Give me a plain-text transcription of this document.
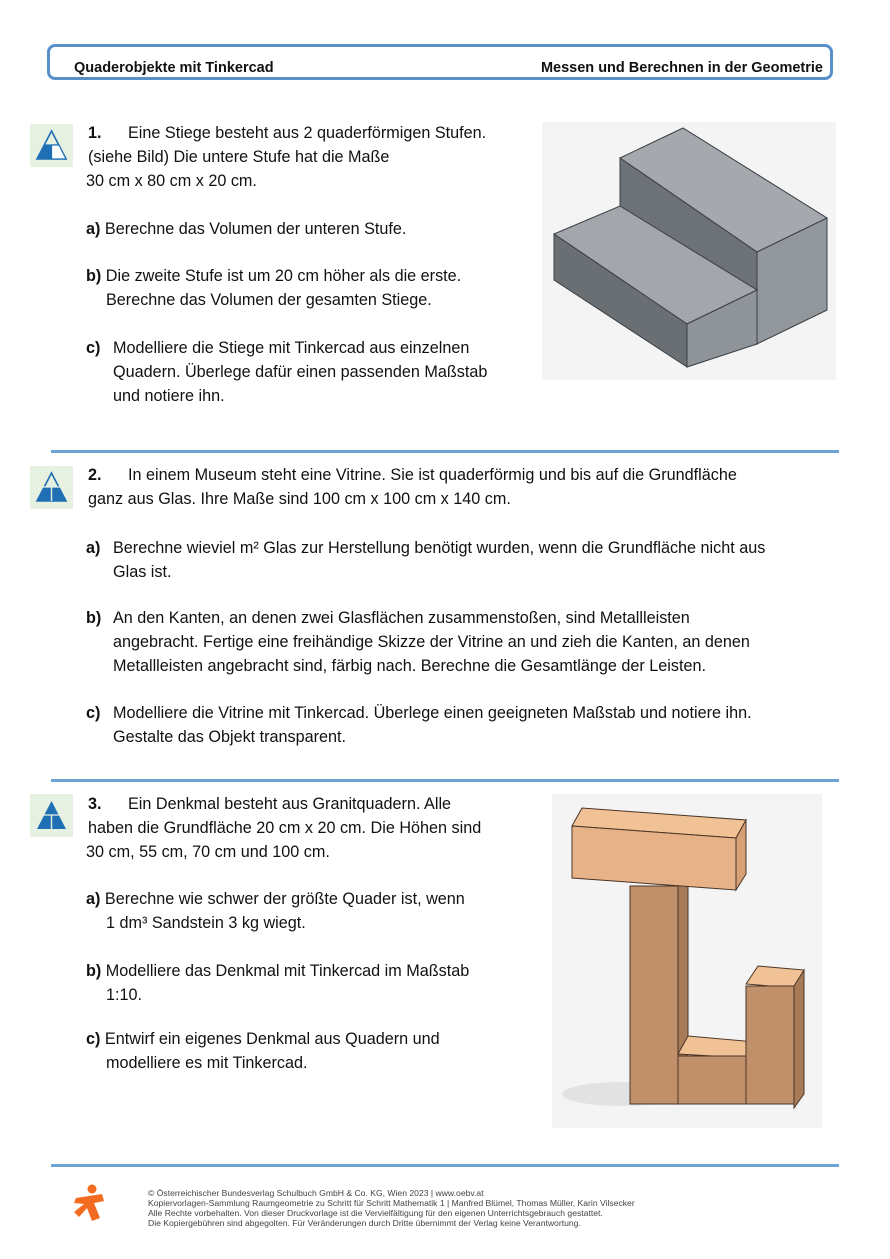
Quaderobjekte mit Tinkercad	Messen und Berechnen in der Geometrie
1. Eine Stiege besteht aus 2 quaderförmigen Stufen.
(siehe Bild) Die untere Stufe hat die Maße
30 cm x 80 cm x 20 cm.
a) Berechne das Volumen der unteren Stufe.
b) Die zweite Stufe ist um 20 cm höher als die erste.
Berechne das Volumen der gesamten Stiege.
c) Modelliere die Stiege mit Tinkercad aus einzelnen
Quadern. Überlege dafür einen passenden Maßstab
und notiere ihn.
2. In einem Museum steht eine Vitrine. Sie ist quaderförmig und bis auf die Grundfläche
ganz aus Glas. Ihre Maße sind 100 cm x 100 cm x 140 cm.
a) Berechne wieviel m² Glas zur Herstellung benötigt wurden, wenn die Grundfläche nicht aus
Glas ist.
b) An den Kanten, an denen zwei Glasflächen zusammenstoßen, sind Metallleisten
angebracht. Fertige eine freihändige Skizze der Vitrine an und zieh die Kanten, an denen
Metallleisten angebracht sind, färbig nach. Berechne die Gesamtlänge der Leisten.
c) Modelliere die Vitrine mit Tinkercad. Überlege einen geeigneten Maßstab und notiere ihn.
Gestalte das Objekt transparent.
3. Ein Denkmal besteht aus Granitquadern. Alle
haben die Grundfläche 20 cm x 20 cm. Die Höhen sind
30 cm, 55 cm, 70 cm und 100 cm.
a) Berechne wie schwer der größte Quader ist, wenn
1 dm³ Sandstein 3 kg wiegt.
b) Modelliere das Denkmal mit Tinkercad im Maßstab
1:10.
c) Entwirf ein eigenes Denkmal aus Quadern und
modelliere es mit Tinkercad.
© Österreichischer Bundesverlag Schulbuch GmbH & Co. KG, Wien 2023 | www.oebv.at
Kopiervorlagen-Sammlung Raumgeometrie zu Schritt für Schritt Mathematik 1 | Manfred Blümel, Thomas Müller, Karin Vilsecker
Alle Rechte vorbehalten. Von dieser Druckvorlage ist die Vervielfältigung für den eigenen Unterrichtsgebrauch gestattet.
Die Kopiergebühren sind abgegolten. Für Veränderungen durch Dritte übernimmt der Verlag keine Verantwortung.
